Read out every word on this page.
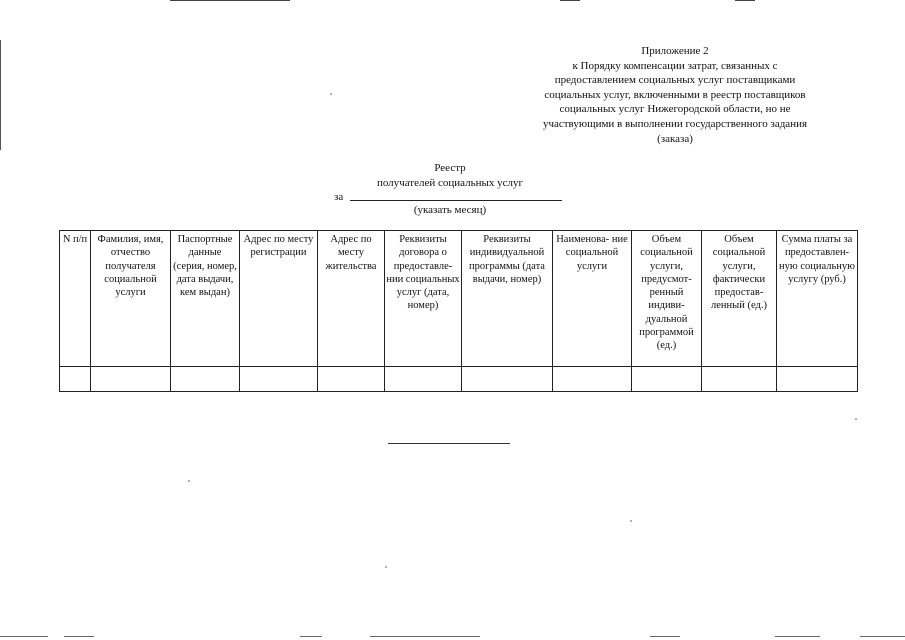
Приложение 2
к Порядку компенсации затрат, связанных с
предоставлением социальных услуг поставщиками
социальных услуг, включенными в реестр поставщиков
социальных услуг Нижегородской области, но не
участвующими в выполнении государственного задания
(заказа)
Реестр
получателей социальных услуг
за
(указать месяц)
N п/п	Фамилия, имя, отчество получателя социальной услуги	Паспортные данные (серия, номер, дата выдачи, кем выдан)	Адрес по месту регистрации	Адрес по месту жительства	Реквизиты договора о предоставле- нии социальных услуг (дата, номер)	Реквизиты индивидуальной программы (дата выдачи, номер)	Наименова- ние социальной услуги	Объем социальной услуги, предусмот- ренный индиви- дуальной программой (ед.)	Объем социальной услуги, фактически предостав- ленный (ед.)	Сумма платы за предоставлен- ную социальную услугу (руб.)
